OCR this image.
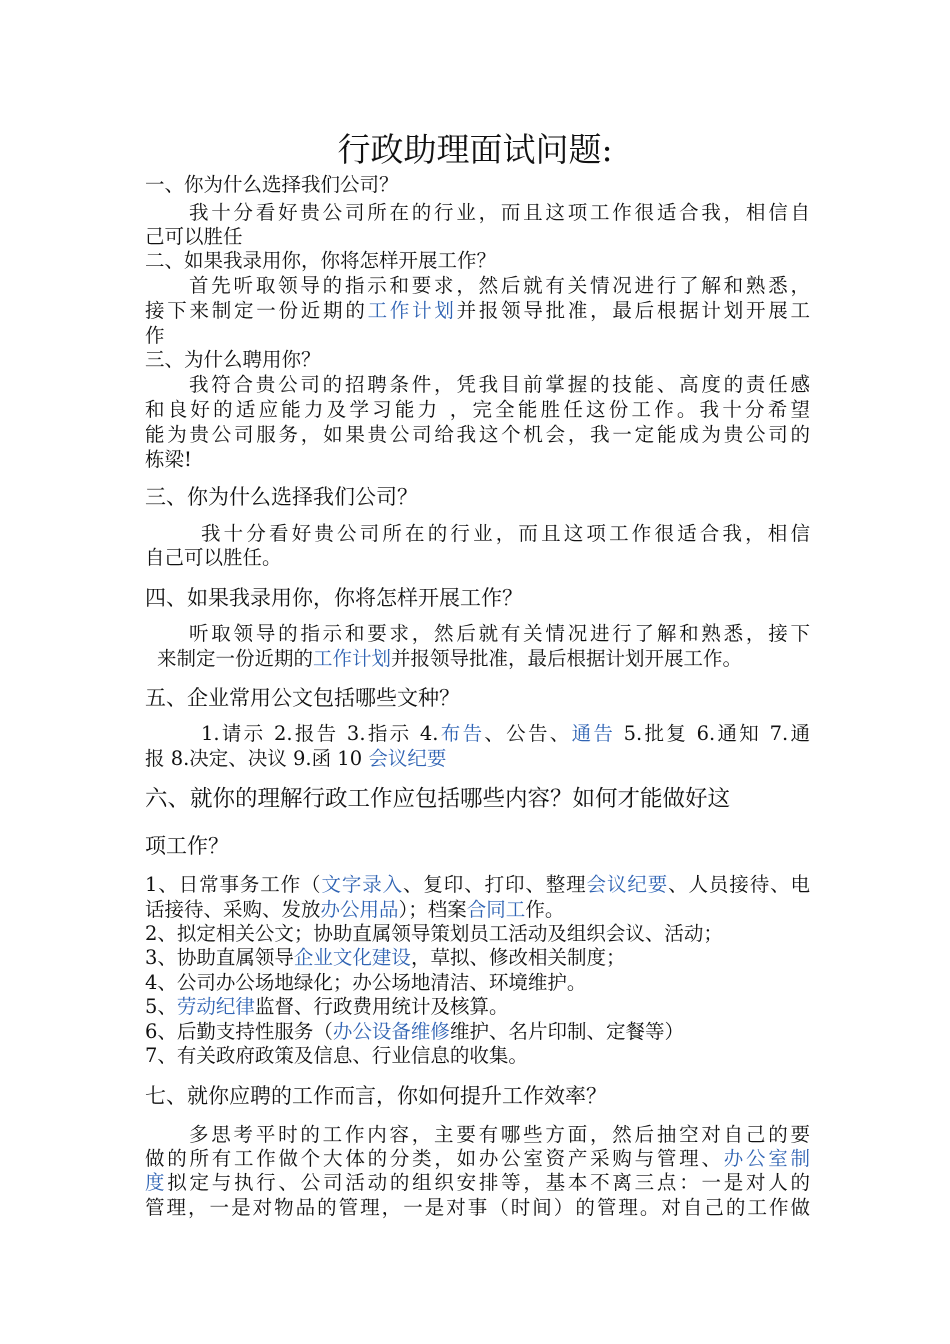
行政助理面试问题:
一、你为什么选择我们公司？
我十分看好贵公司所在的行业，而且这项工作很适合我，相信自
己可以胜任
二、如果我录用你，你将怎样开展工作？
首先听取领导的指示和要求，然后就有关情况进行了解和熟悉，
接下来制定一份近期的工作计划并报领导批准，最后根据计划开展工
作
三、为什么聘用你？
我符合贵公司的招聘条件，凭我目前掌握的技能、高度的责任感
和良好的适应能力及学习能力 ，完全能胜任这份工作。我十分希望
能为贵公司服务，如果贵公司给我这个机会，我一定能成为贵公司的
栋梁!
三、你为什么选择我们公司？
我十分看好贵公司所在的行业，而且这项工作很适合我，相信
自己可以胜任。
四、如果我录用你，你将怎样开展工作？
听取领导的指示和要求，然后就有关情况进行了解和熟悉，接下
来制定一份近期的工作计划并报领导批准，最后根据计划开展工作。
五、企业常用公文包括哪些文种？
1.请示 2.报告 3.指示 4.布告、公告、通告 5.批复 6.通知 7.通
报 8.决定、决议 9.函 10 会议纪要
六、就你的理解行政工作应包括哪些内容？如何才能做好这
项工作？
1、日常事务工作（文字录入、复印、打印、整理会议纪要、人员接待、电
话接待、采购、发放办公用品）；档案合同工作。
2、拟定相关公文；协助直属领导策划员工活动及组织会议、活动；
3、协助直属领导企业文化建设，草拟、修改相关制度；
4、公司办公场地绿化；办公场地清洁、环境维护。
5、劳动纪律监督、行政费用统计及核算。
6、后勤支持性服务（办公设备维修维护、名片印制、定餐等）
7、有关政府政策及信息、行业信息的收集。
七、就你应聘的工作而言，你如何提升工作效率？
多思考平时的工作内容，主要有哪些方面，然后抽空对自己的要
做的所有工作做个大体的分类，如办公室资产采购与管理、办公室制
度拟定与执行、公司活动的组织安排等，基本不离三点：一是对人的
管理，一是对物品的管理，一是对事（时间）的管理。对自己的工作做
